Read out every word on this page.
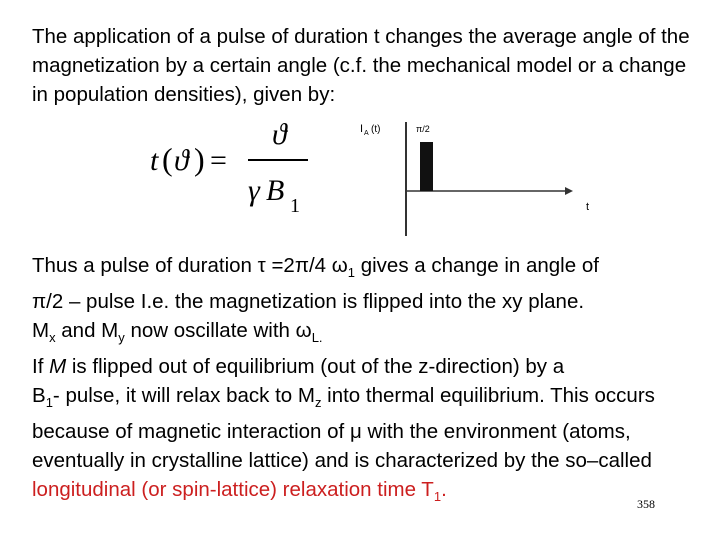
The application of a pulse of duration t changes the average angle of the magnetization by a certain angle (c.f. the mechanical model or a change in population densities), given by:

t ( ϑ ) =
ϑ
γ B 1
I A (t)	π/2
t

Thus a pulse of duration τ =2π/4 $\omega_1$ gives a change in angle of
π/2 – pulse I.e. the magnetization is flipped into the xy plane.
$M_x$ and $M_y$ now oscillate with $\omega_{L.}$

If M is flipped out of equilibrium (out of the z-direction) by a
$B_1-$ pulse, it will relax back to $M_z$ into thermal equilibrium. This occurs because of magnetic interaction of μ with the environment (atoms, eventually in crystalline lattice) and is characterized by the so–called longitudinal (or spin-lattice) relaxation time $T_1$.

358
